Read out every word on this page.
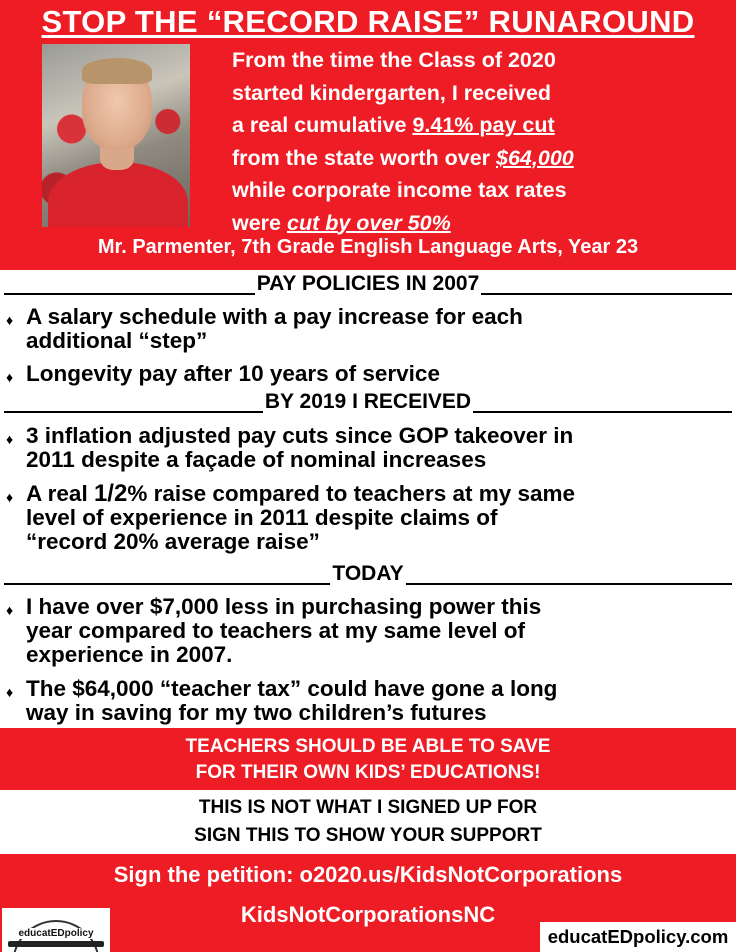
STOP THE “RECORD RAISE” RUNAROUND
From the time the Class of 2020
started kindergarten, I received
a real cumulative 9.41% pay cut
from the state worth over $64,000
while corporate income tax rates
were cut by over 50%
Mr. Parmenter, 7th Grade English Language Arts, Year 23
PAY POLICIES IN 2007
♦ A salary schedule with a pay increase for each
additional “step”
♦ Longevity pay after 10 years of service
BY 2019 I RECEIVED
♦ 3 inflation adjusted pay cuts since GOP takeover in
2011 despite a façade of nominal increases
♦ A real 1/2% raise compared to teachers at my same
level of experience in 2011 despite claims of
“record 20% average raise”
TODAY
♦ I have over $7,000 less in purchasing power this
year compared to teachers at my same level of
experience in 2007.
♦ The $64,000 “teacher tax” could have gone a long
way in saving for my two children’s futures
TEACHERS SHOULD BE ABLE TO SAVE
FOR THEIR OWN KIDS’ EDUCATIONS!
THIS IS NOT WHAT I SIGNED UP FOR
SIGN THIS TO SHOW YOUR SUPPORT
Sign the petition: o2020.us/KidsNotCorporations
KidsNotCorporationsNC
educatEDpolicy	educatEDpolicy.com
